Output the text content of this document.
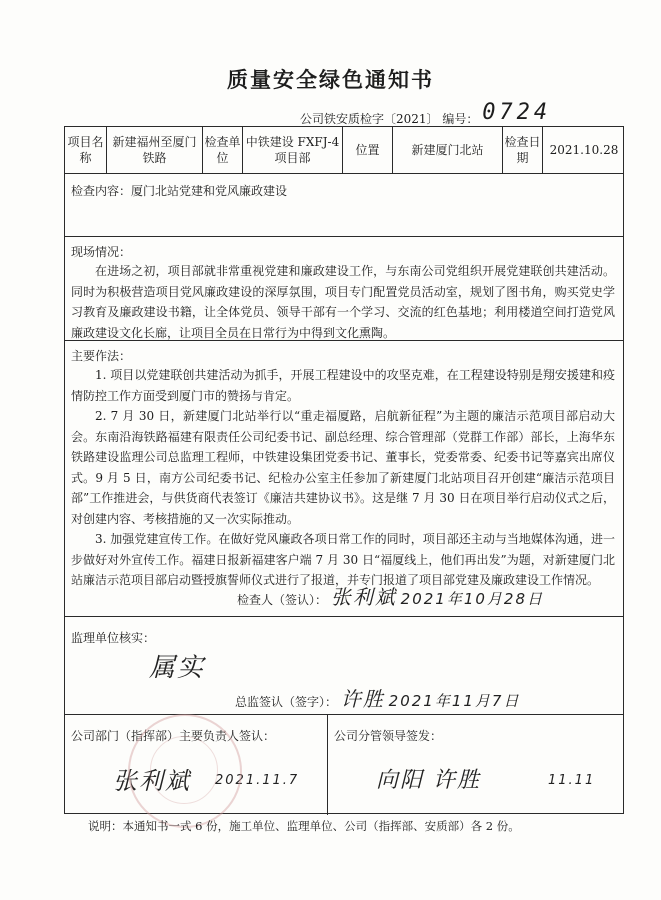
质量安全绿色通知书
公司铁安质检字〔2021〕 编号： 0724
项目名称
新建福州至厦门铁路
检查单位
中铁建设 FXFJ-4 项目部
位置	新建厦门北站
检查日期
2021.10.28
检查内容：厦门北站党建和党风廉政建设
现场情况：

在进场之初，项目部就非常重视党建和廉政建设工作，与东南公司党组织开展党建联创共建活动。同时为积极营造项目党风廉政建设的深厚氛围，项目专门配置党员活动室，规划了图书角，购买党史学习教育及廉政建设书籍，让全体党员、领导干部有一个学习、交流的红色基地；利用楼道空间打造党风廉政建设文化长廊，让项目全员在日常行为中得到文化熏陶。

主要作法：

1. 项目以党建联创共建活动为抓手，开展工程建设中的攻坚克难，在工程建设特别是翔安援建和疫情防控工作方面受到厦门市的赞扬与肯定。

2. 7 月 30 日，新建厦门北站举行以“重走福厦路，启航新征程”为主题的廉洁示范项目部启动大会。东南沿海铁路福建有限责任公司纪委书记、副总经理、综合管理部（党群工作部）部长，上海华东铁路建设监理公司总监理工程师，中铁建设集团党委书记、董事长，党委常委、纪委书记等嘉宾出席仪式。9 月 5 日，南方公司纪委书记、纪检办公室主任参加了新建厦门北站项目召开创建“廉洁示范项目部”工作推进会，与供货商代表签订《廉洁共建协议书》。这是继 7 月 30 日在项目举行启动仪式之后，对创建内容、考核措施的又一次实际推动。

3. 加强党建宣传工作。在做好党风廉政各项日常工作的同时，项目部还主动与当地媒体沟通，进一步做好对外宣传工作。福建日报新福建客户端 7 月 30 日“福厦线上，他们再出发”为题，对新建厦门北站廉洁示范项目部启动暨授旗誓师仪式进行了报道，并专门报道了项目部党建及廉政建设工作情况。

检查人（签认）： 张利斌 2021年10月28日
监理单位核实：
属实
总监签认（签字）： 许胜 2021年11月7日
公司部门（指挥部）主要负责人签认：
张利斌 2021.11.7
公司分管领导签发：
向阳 许胜	11.11
说明：本通知书一式 6 份，施工单位、监理单位、公司（指挥部、安质部）各 2 份。
